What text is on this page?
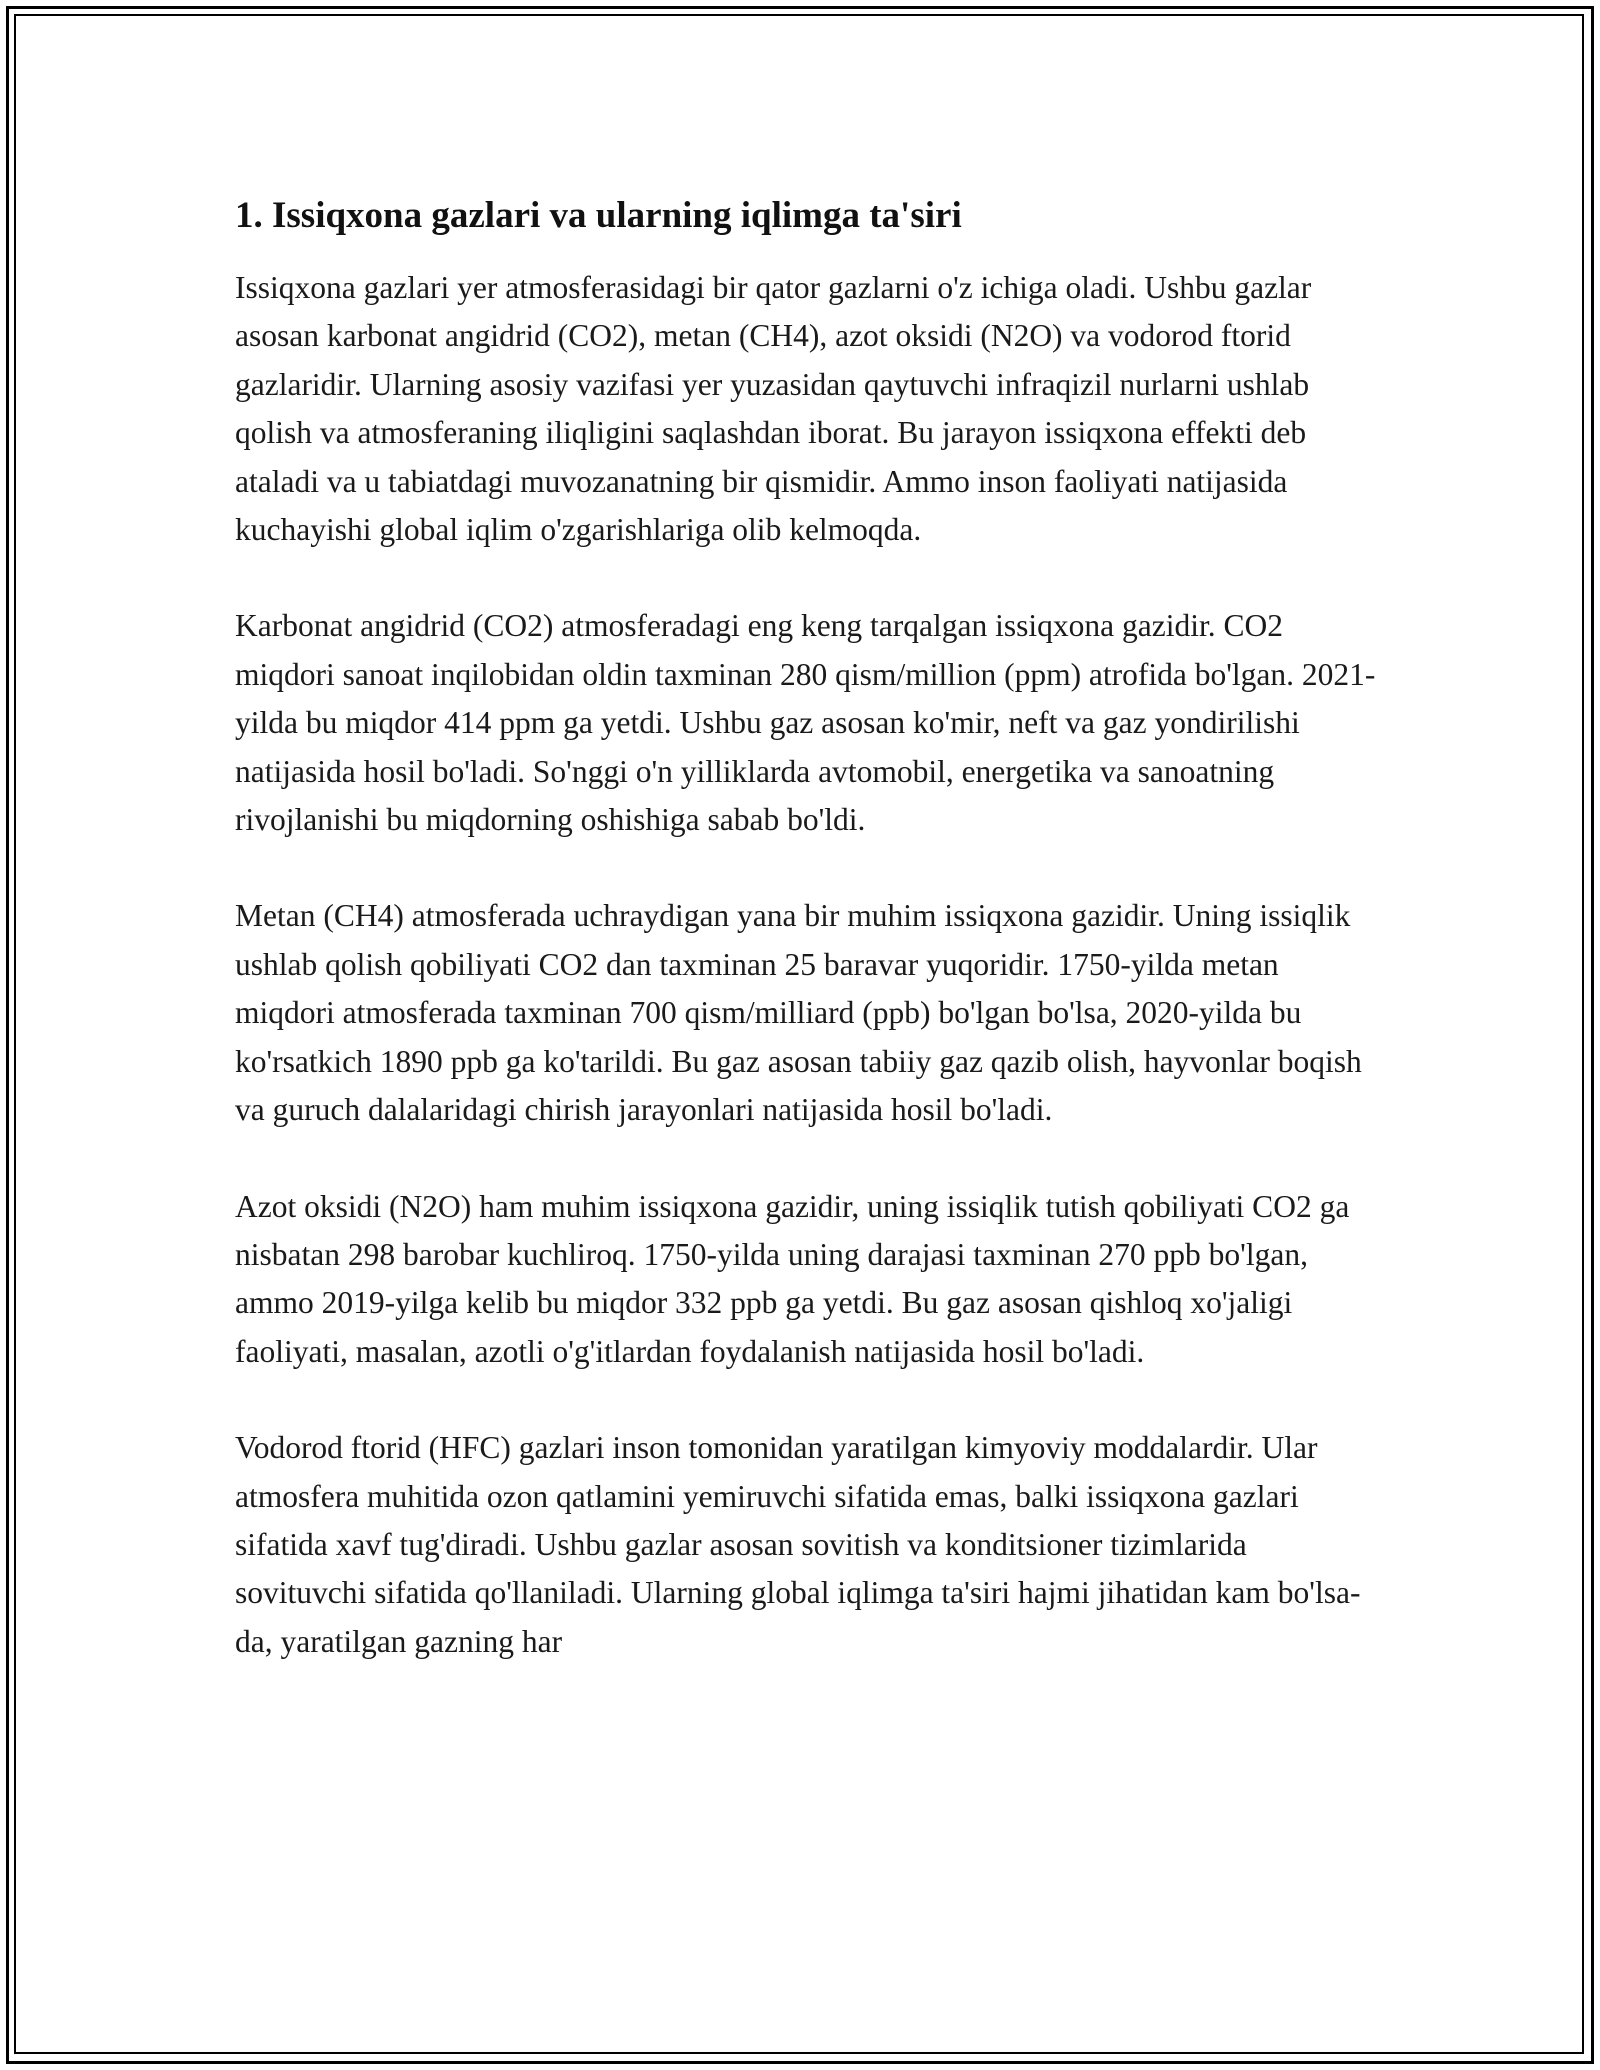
1. Issiqxona gazlari va ularning iqlimga ta'siri

Issiqxona gazlari yer atmosferasidagi bir qator gazlarni o'z ichiga oladi. Ushbu gazlar asosan karbonat angidrid (CO2), metan (CH4), azot oksidi (N2O) va vodorod ftorid gazlaridir. Ularning asosiy vazifasi yer yuzasidan qaytuvchi infraqizil nurlarni ushlab qolish va atmosferaning iliqligini saqlashdan iborat. Bu jarayon issiqxona effekti deb ataladi va u tabiatdagi muvozanatning bir qismidir. Ammo inson faoliyati natijasida kuchayishi global iqlim o'zgarishlariga olib kelmoqda.

Karbonat angidrid (CO2) atmosferadagi eng keng tarqalgan issiqxona gazidir. CO2 miqdori sanoat inqilobidan oldin taxminan 280 qism/million (ppm) atrofida bo'lgan. 2021-yilda bu miqdor 414 ppm ga yetdi. Ushbu gaz asosan ko'mir, neft va gaz yondirilishi natijasida hosil bo'ladi. So'nggi o'n yilliklarda avtomobil, energetika va sanoatning rivojlanishi bu miqdorning oshishiga sabab bo'ldi.

Metan (CH4) atmosferada uchraydigan yana bir muhim issiqxona gazidir. Uning issiqlik ushlab qolish qobiliyati CO2 dan taxminan 25 baravar yuqoridir. 1750-yilda metan miqdori atmosferada taxminan 700 qism/milliard (ppb) bo'lgan bo'lsa, 2020-yilda bu ko'rsatkich 1890 ppb ga ko'tarildi. Bu gaz asosan tabiiy gaz qazib olish, hayvonlar boqish va guruch dalalaridagi chirish jarayonlari natijasida hosil bo'ladi.

Azot oksidi (N2O) ham muhim issiqxona gazidir, uning issiqlik tutish qobiliyati CO2 ga nisbatan 298 barobar kuchliroq. 1750-yilda uning darajasi taxminan 270 ppb bo'lgan, ammo 2019-yilga kelib bu miqdor 332 ppb ga yetdi. Bu gaz asosan qishloq xo'jaligi faoliyati, masalan, azotli o'g'itlardan foydalanish natijasida hosil bo'ladi.

Vodorod ftorid (HFC) gazlari inson tomonidan yaratilgan kimyoviy moddalardir. Ular atmosfera muhitida ozon qatlamini yemiruvchi sifatida emas, balki issiqxona gazlari sifatida xavf tug'diradi. Ushbu gazlar asosan sovitish va konditsioner tizimlarida sovituvchi sifatida qo'llaniladi. Ularning global iqlimga ta'siri hajmi jihatidan kam bo'lsa-da, yaratilgan gazning har
